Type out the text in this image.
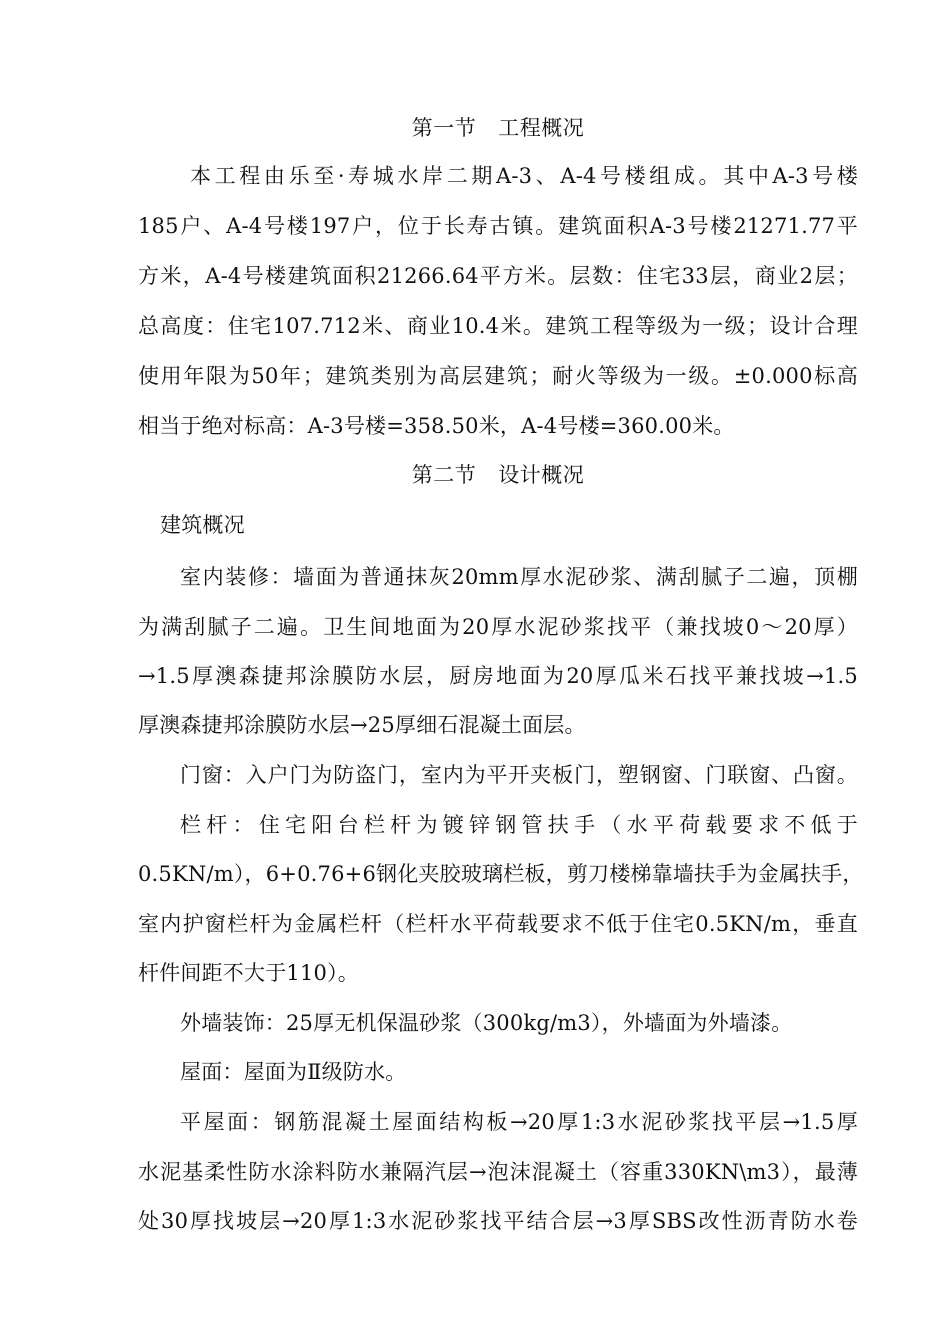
第一节 工程概况
本工程由乐至·寿城水岸二期A-3、A-4号楼组成。其中A-3号楼
185户、A-4号楼197户，位于长寿古镇。建筑面积A-3号楼21271.77平
方米，A-4号楼建筑面积21266.64平方米。层数：住宅33层，商业2层；
总高度：住宅107.712米、商业10.4米。建筑工程等级为一级；设计合理
使用年限为50年；建筑类别为高层建筑；耐火等级为一级。±0.000标高
相当于绝对标高：A-3号楼=358.50米，A-4号楼=360.00米。
第二节 设计概况
建筑概况
室内装修：墙面为普通抹灰20mm厚水泥砂浆、满刮腻子二遍，顶棚
为满刮腻子二遍。卫生间地面为20厚水泥砂浆找平（兼找坡0～20厚）
→1.5厚澳森捷邦涂膜防水层，厨房地面为20厚瓜米石找平兼找坡→1.5
厚澳森捷邦涂膜防水层→25厚细石混凝土面层。
门窗：入户门为防盗门，室内为平开夹板门，塑钢窗、门联窗、凸窗。
栏杆：住宅阳台栏杆为镀锌钢管扶手（水平荷载要求不低于
0.5KN/m），6+0.76+6钢化夹胶玻璃栏板，剪刀楼梯靠墙扶手为金属扶手，
室内护窗栏杆为金属栏杆（栏杆水平荷载要求不低于住宅0.5KN/m，垂直
杆件间距不大于110）。
外墙装饰：25厚无机保温砂浆（300kg/m3），外墙面为外墙漆。
屋面：屋面为Ⅱ级防水。
平屋面：钢筋混凝土屋面结构板→20厚1:3水泥砂浆找平层→1.5厚
水泥基柔性防水涂料防水兼隔汽层→泡沫混凝土（容重330KN\m3），最薄
处30厚找坡层→20厚1:3水泥砂浆找平结合层→3厚SBS改性沥青防水卷
